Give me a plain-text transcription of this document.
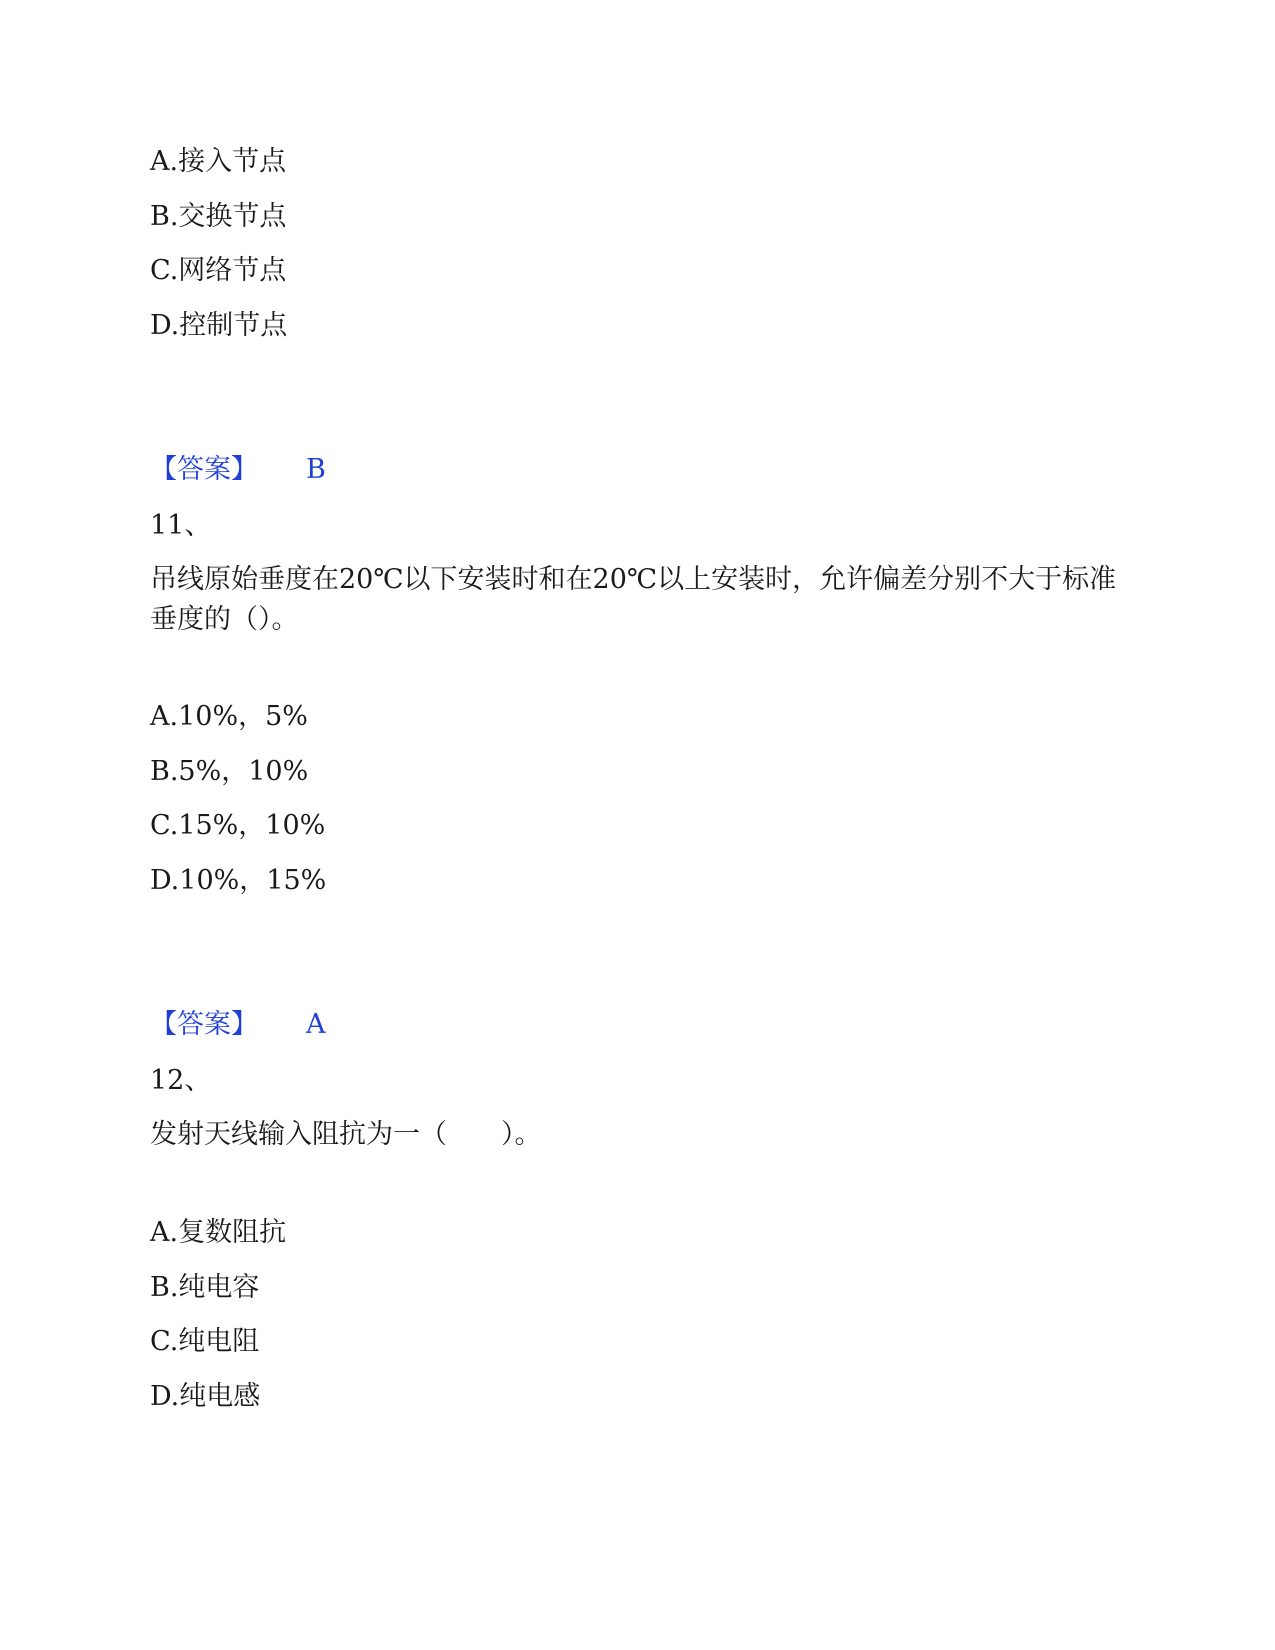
A.接入节点
B.交换节点
C.网络节点
D.控制节点
【答案】 B
11、
吊线原始垂度在20℃以下安装时和在20℃以上安装时，允许偏差分别不大于标准垂度的（）。
A.10%，5%
B.5%，10%
C.15%，10%
D.10%，15%
【答案】 A
12、
发射天线输入阻抗为一（　　）。
A.复数阻抗
B.纯电容
C.纯电阻
D.纯电感
